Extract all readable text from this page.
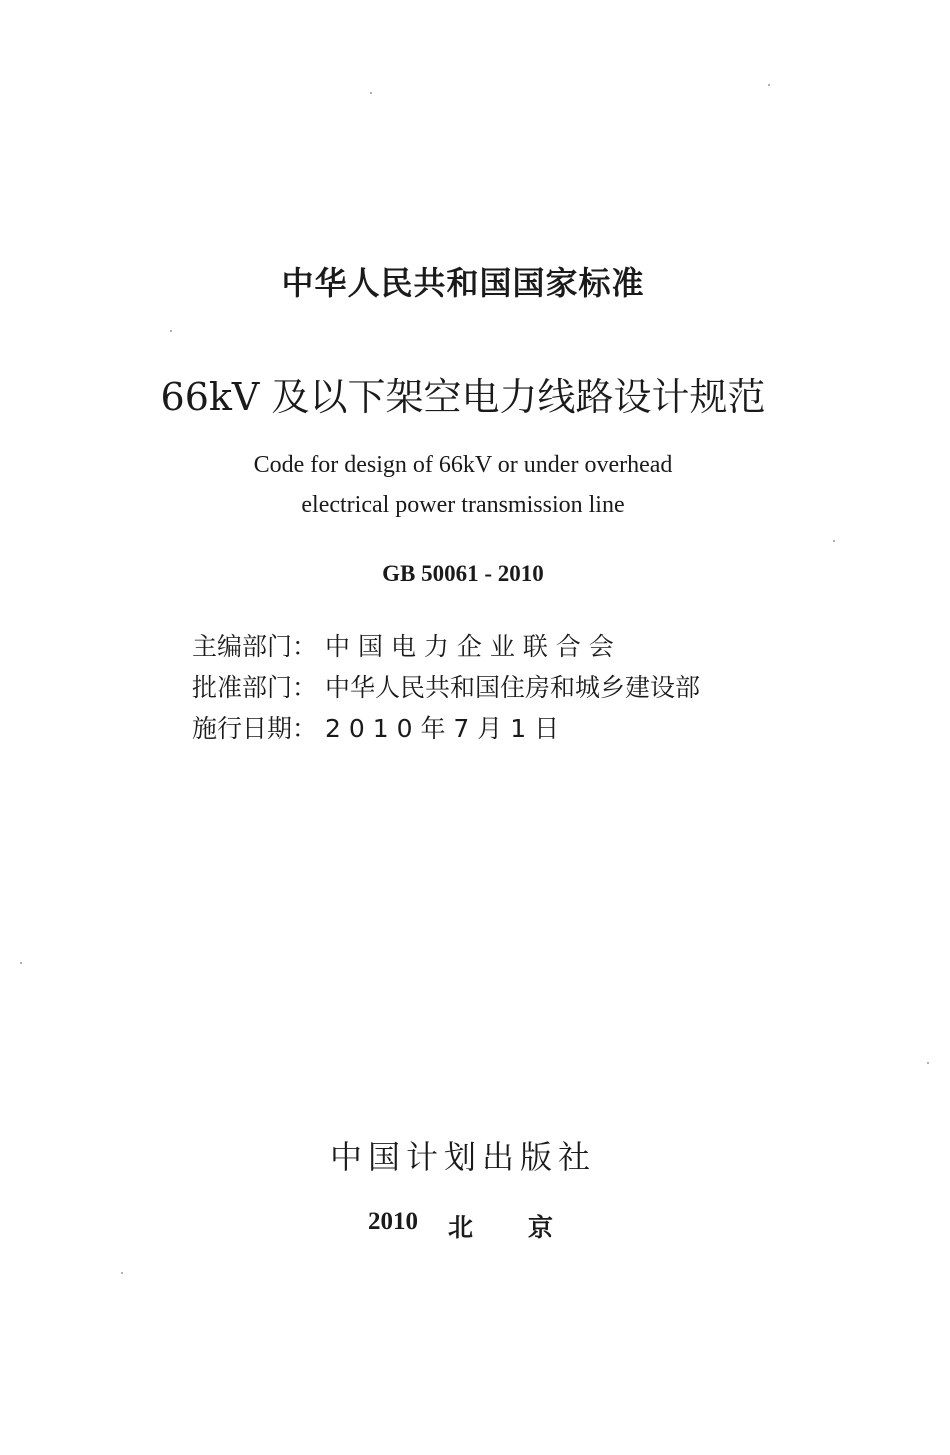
中华人民共和国国家标准
66kV 及以下架空电力线路设计规范
Code for design of 66kV or under overhead
electrical power transmission line
GB 50061 - 2010
主编部门： 中 国 电 力 企 业 联 合 会
批准部门： 中华人民共和国住房和城乡建设部
施行日期： 2 0 1 0 年 7 月 1 日
中国计划出版社
2010	北	京
